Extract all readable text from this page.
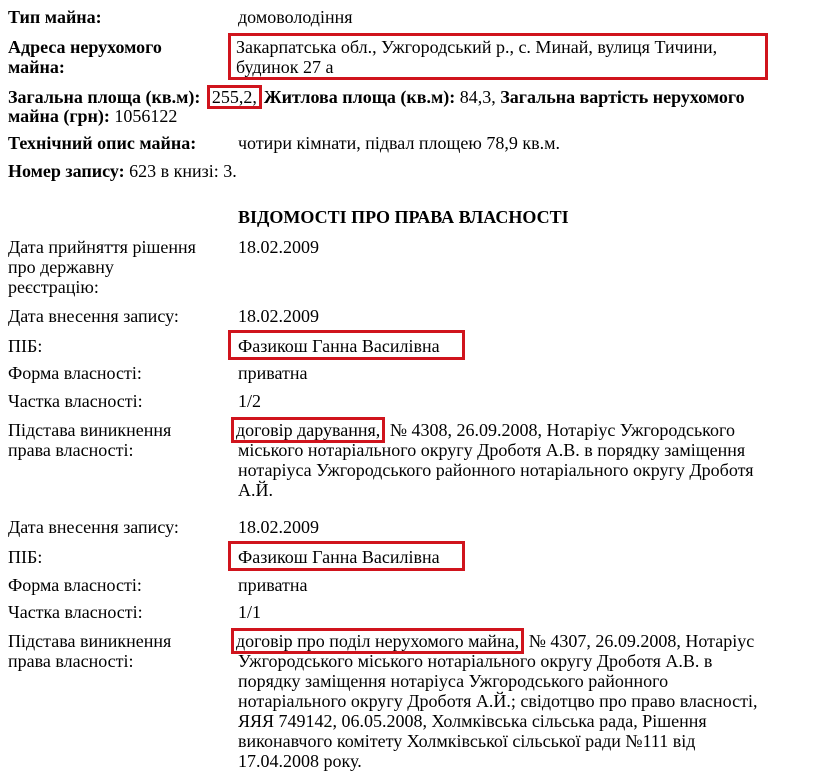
Тип майна:	домоволодіння
Адреса нерухомого
майна:
Закарпатська обл., Ужгородський р., с. Минай, вулиця Тичини,
будинок 27 а
Загальна площа (кв.м): 255,2, Житлова площа (кв.м): 84,3, Загальна вартість нерухомого
майна (грн): 1056122
Технічний опис майна: чотири кімнати, підвал площею 78,9 кв.м.
Номер запису: 623 в книзі: 3.
ВІДОМОСТІ ПРО ПРАВА ВЛАСНОСТІ
Дата прийняття рішення
про державну
реєстрацію:
18.02.2009
Дата внесення запису:	18.02.2009
ПІБ:	Фазикош Ганна Василівна
Форма власності:	приватна
Частка власності:	1/2
Підстава виникнення
права власності:
договір дарування, № 4308, 26.09.2008, Нотаріус Ужгородського
міського нотаріального округу Дроботя А.В. в порядку заміщення
нотаріуса Ужгородського районного нотаріального округу Дроботя
А.Й.
Дата внесення запису:	18.02.2009
ПІБ:	Фазикош Ганна Василівна
Форма власності:	приватна
Частка власності:	1/1
Підстава виникнення
права власності:
договір про поділ нерухомого майна, № 4307, 26.09.2008, Нотаріус
Ужгородського міського нотаріального округу Дроботя А.В. в
порядку заміщення нотаріуса Ужгородського районного
нотаріального округу Дроботя А.Й.; свідотцво про право власності,
ЯЯЯ 749142, 06.05.2008, Холмківська сільська рада, Рішення
виконавчого комітету Холмківської сільської ради №111 від
17.04.2008 року.
